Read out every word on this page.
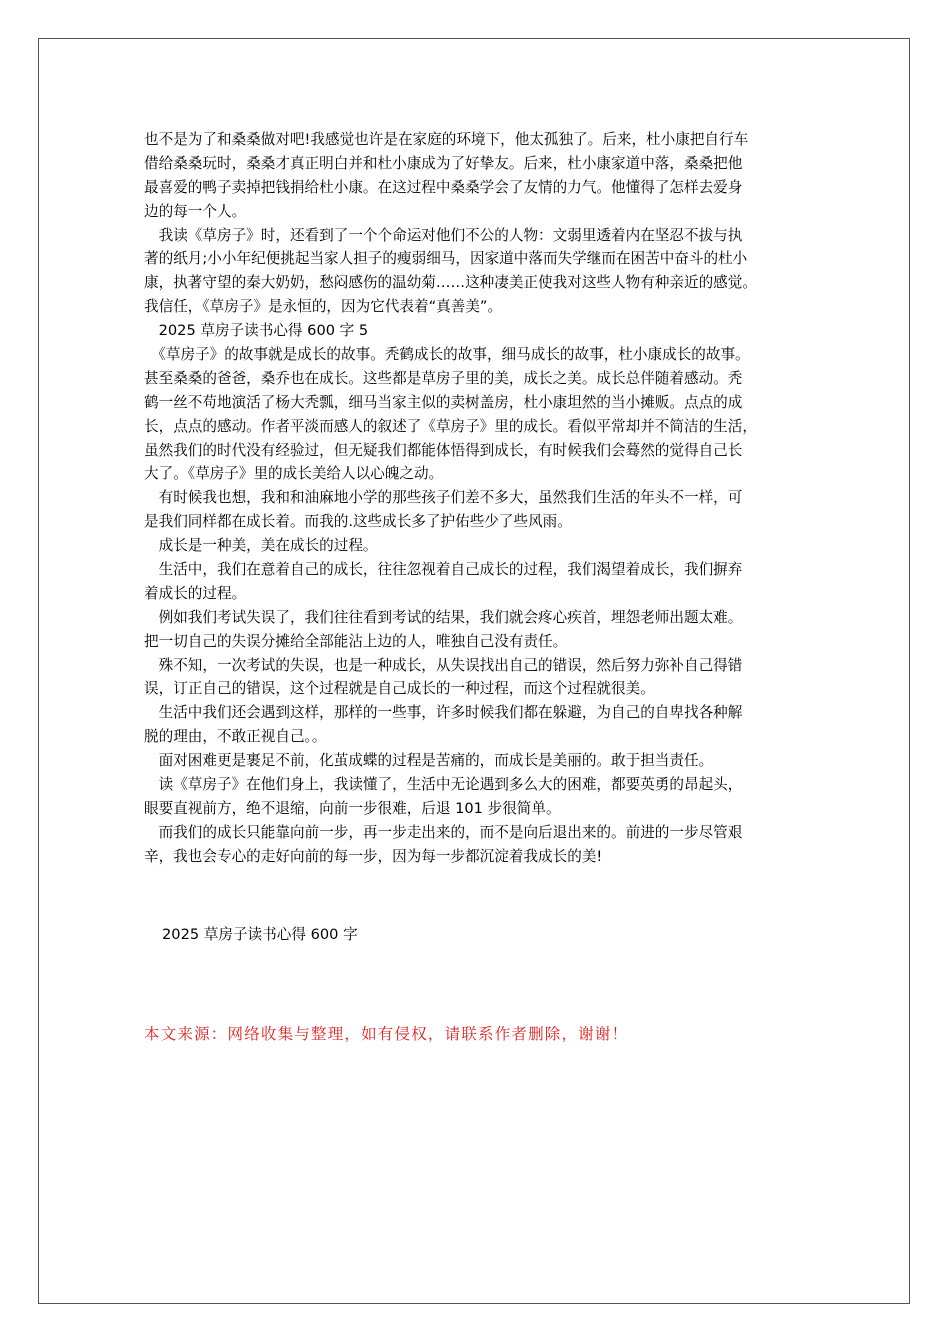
也不是为了和桑桑做对吧!我感觉也许是在家庭的环境下，他太孤独了。后来，杜小康把自行车
借给桑桑玩时，桑桑才真正明白并和杜小康成为了好挚友。后来，杜小康家道中落，桑桑把他
最喜爱的鸭子卖掉把钱捐给杜小康。在这过程中桑桑学会了友情的力气。他懂得了怎样去爱身
边的每一个人。
　我读《草房子》时，还看到了一个个命运对他们不公的人物：文弱里透着内在坚忍不拔与执
著的纸月;小小年纪便挑起当家人担子的瘦弱细马，因家道中落而失学继而在困苦中奋斗的杜小
康，执著守望的秦大奶奶，愁闷感伤的温幼菊……这种凄美正使我对这些人物有种亲近的感觉。
我信任，《草房子》是永恒的，因为它代表着“真善美”。
　2025 草房子读书心得 600 字 5
　《草房子》的故事就是成长的故事。秃鹤成长的故事，细马成长的故事，杜小康成长的故事。
甚至桑桑的爸爸，桑乔也在成长。这些都是草房子里的美，成长之美。成长总伴随着感动。秃
鹤一丝不苟地演活了杨大秃瓢，细马当家主似的卖树盖房，杜小康坦然的当小摊贩。点点的成
长，点点的感动。作者平淡而感人的叙述了《草房子》里的成长。看似平常却并不简洁的生活，
虽然我们的时代没有经验过，但无疑我们都能体悟得到成长，有时候我们会蓦然的觉得自己长
大了。《草房子》里的成长美给人以心魄之动。
　有时候我也想，我和和油麻地小学的那些孩子们差不多大，虽然我们生活的年头不一样，可
是我们同样都在成长着。而我的.这些成长多了护佑些少了些风雨。
　成长是一种美，美在成长的过程。
　生活中，我们在意着自己的成长，往往忽视着自己成长的过程，我们渴望着成长，我们摒弃
着成长的过程。
　例如我们考试失误了，我们往往看到考试的结果，我们就会疼心疾首，埋怨老师出题太难。
把一切自己的失误分摊给全部能沾上边的人，唯独自己没有责任。
　殊不知，一次考试的失误，也是一种成长，从失误找出自己的错误，然后努力弥补自己得错
误，订正自己的错误，这个过程就是自己成长的一种过程，而这个过程就很美。
　生活中我们还会遇到这样，那样的一些事，许多时候我们都在躲避，为自己的自卑找各种解
脱的理由，不敢正视自己。。
　面对困难更是裹足不前，化茧成蝶的过程是苦痛的，而成长是美丽的。敢于担当责任。
　读《草房子》在他们身上，我读懂了，生活中无论遇到多么大的困难，都要英勇的昂起头，
眼要直视前方，绝不退缩，向前一步很难，后退 101 步很简单。
　而我们的成长只能靠向前一步，再一步走出来的，而不是向后退出来的。前进的一步尽管艰
辛，我也会专心的走好向前的每一步，因为每一步都沉淀着我成长的美!
2025 草房子读书心得 600 字
本文来源：网络收集与整理，如有侵权，请联系作者删除，谢谢！
